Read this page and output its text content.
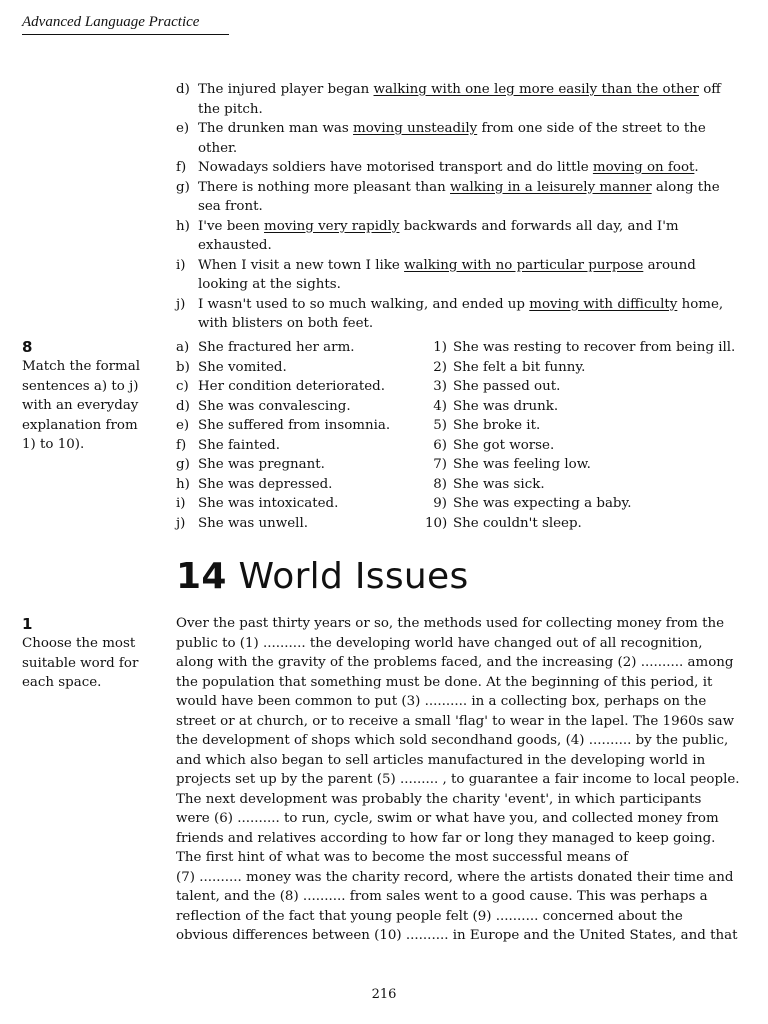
Advanced Language Practice
d) The injured player began walking with one leg more easily than the other off
the pitch.
e) The drunken man was moving unsteadily from one side of the street to the other.
f) Nowadays soldiers have motorised transport and do little moving on foot.
g) There is nothing more pleasant than walking in a leisurely manner along the
sea front.
h) I've been moving very rapidly backwards and forwards all day, and I'm
exhausted.
i) When I visit a new town I like walking with no particular purpose around
looking at the sights.
j) I wasn't used to so much walking, and ended up moving with difficulty home,
with blisters on both feet.
8
Match the formal sentences a) to j) with an everyday explanation from 1) to 10).
a) She fractured her arm.
b) She vomited.
c) Her condition deteriorated.
d) She was convalescing.
e) She suffered from insomnia.
f) She fainted.
g) She was pregnant.
h) She was depressed.
i) She was intoxicated.
j) She was unwell.
1) She was resting to recover from being ill.
2) She felt a bit funny.
3) She passed out.
4) She was drunk.
5) She broke it.
6) She got worse.
7) She was feeling low.
8) She was sick.
9) She was expecting a baby.
10) She couldn't sleep.
14 World Issues
1
Choose the most suitable word for each space.
Over the past thirty years or so, the methods used for collecting money from the
public to (1) .......... the developing world have changed out of all recognition,
along with the gravity of the problems faced, and the increasing (2) .......... among
the population that something must be done. At the beginning of this period, it
would have been common to put (3) .......... in a collecting box, perhaps on the
street or at church, or to receive a small 'flag' to wear in the lapel. The 1960s saw
the development of shops which sold secondhand goods, (4) .......... by the public,
and which also began to sell articles manufactured in the developing world in
projects set up by the parent (5) ......... , to guarantee a fair income to local people.
The next development was probably the charity 'event', in which participants
were (6) .......... to run, cycle, swim or what have you, and collected money from
friends and relatives according to how far or long they managed to keep going.
The first hint of what was to become the most successful means of
(7) .......... money was the charity record, where the artists donated their time and
talent, and the (8) .......... from sales went to a good cause. This was perhaps a
reflection of the fact that young people felt (9) .......... concerned about the
obvious differences between (10) .......... in Europe and the United States, and that
216
